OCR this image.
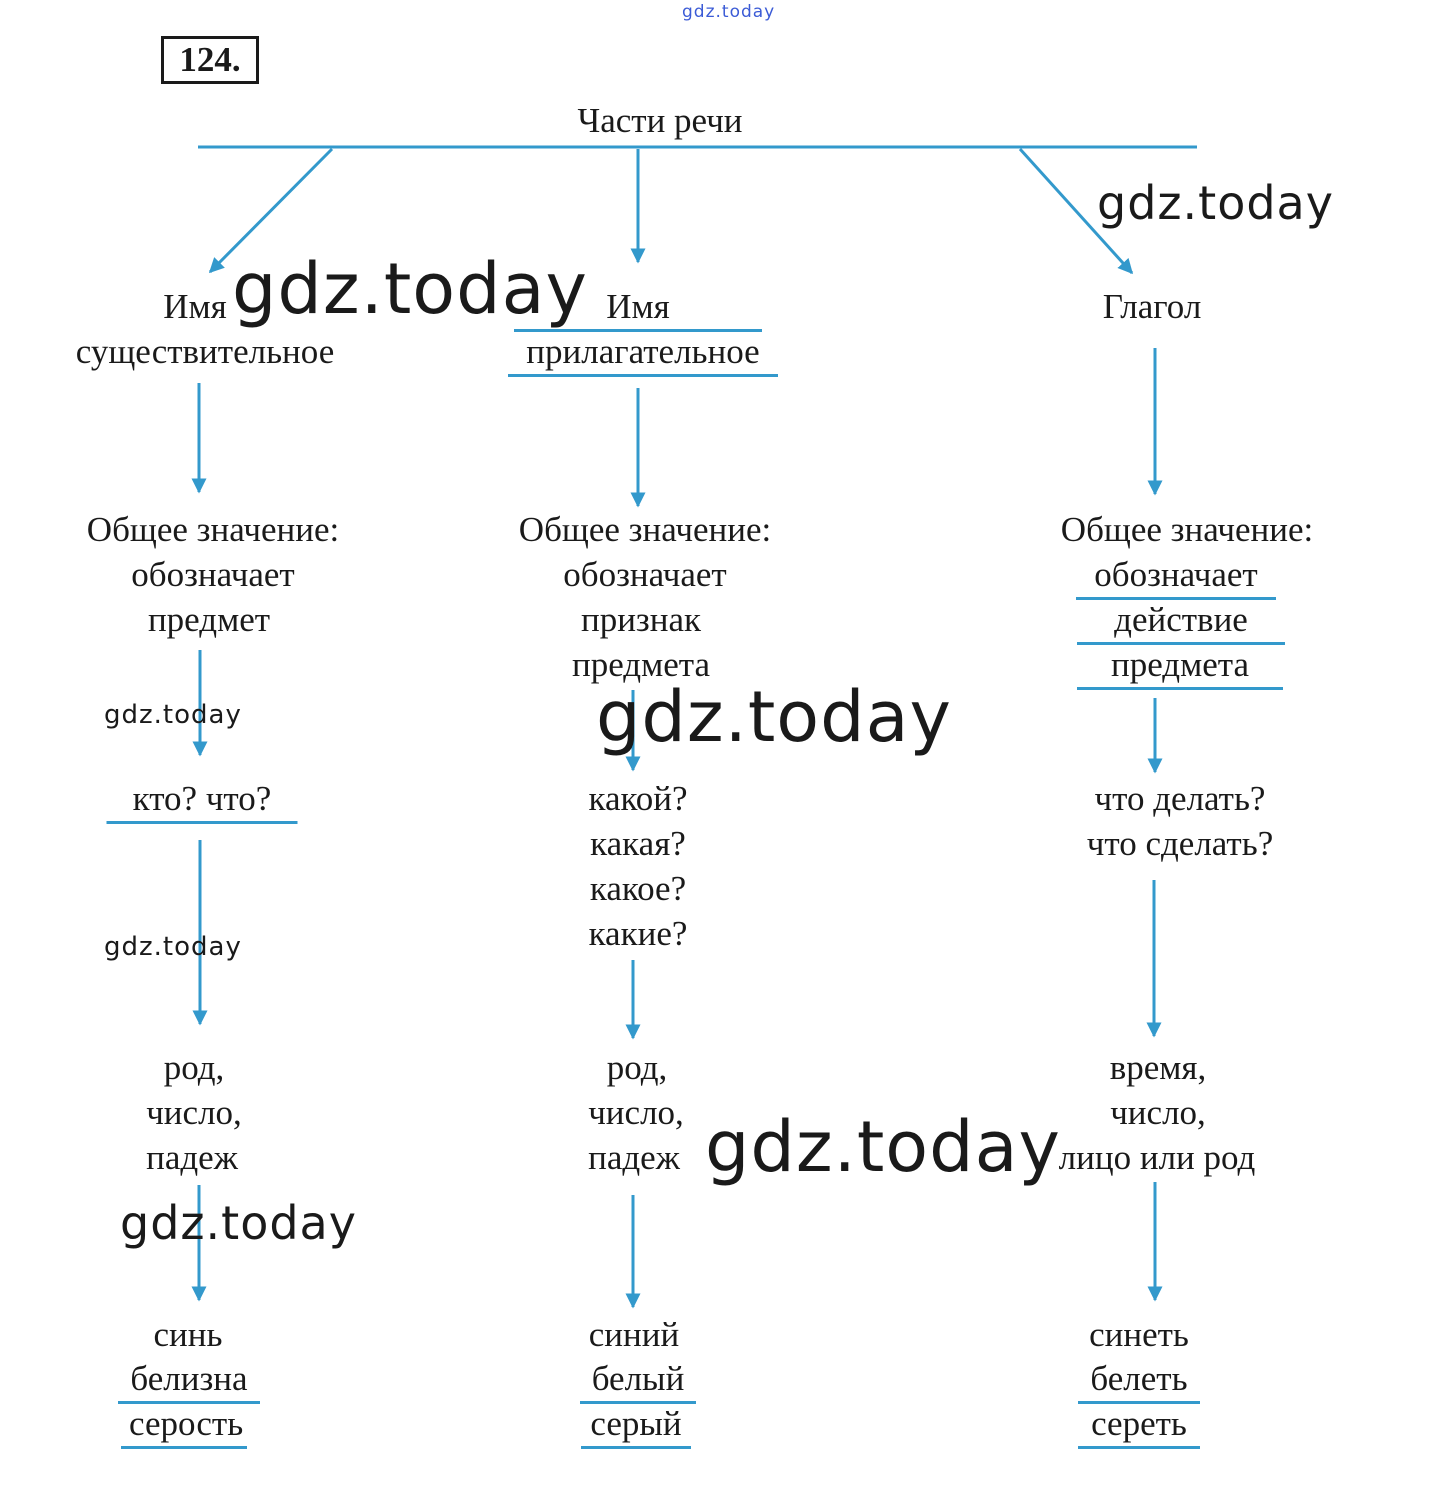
gdz.today
124.
Части речи
Имя
существительное
Общее значение:
обозначает
предмет
кто? что?
род,
число,
падеж
синь
белизна
серость
Имя
прилагательное
Общее значение:
обозначает
признак
предмета
какой?
какая?
какое?
какие?
род,
число,
падеж
синий
белый
серый
Глагол
Общее значение:
обозначает
действие
предмета
что делать?
что сделать?
время,
число,
лицо или род
синеть
белеть
сереть
gdz.today
gdz.today
gdz.today	gdz.today
gdz.today
gdz.today
gdz.today
